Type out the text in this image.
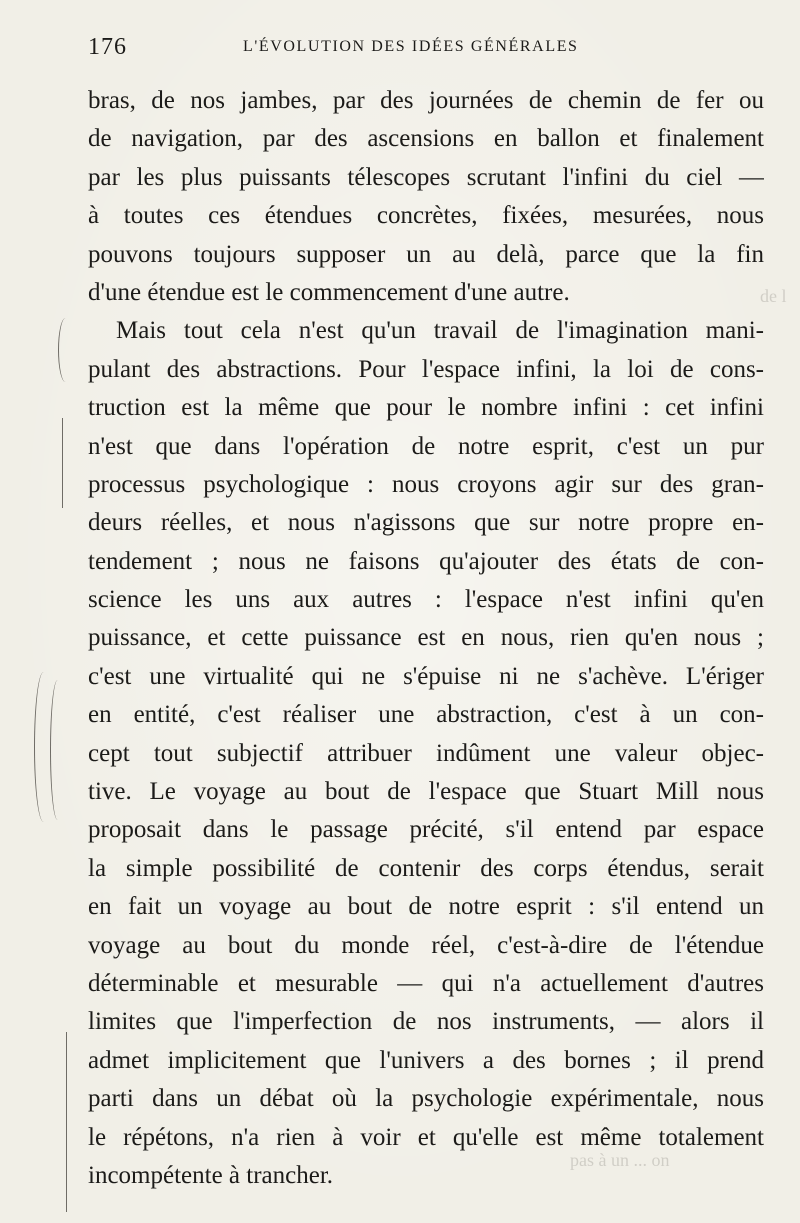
176	L'ÉVOLUTION DES IDÉES GÉNÉRALES
bras, de nos jambes, par des journées de chemin de fer ou
de navigation, par des ascensions en ballon et finalement
par les plus puissants télescopes scrutant l'infini du ciel —
à toutes ces étendues concrètes, fixées, mesurées, nous
pouvons toujours supposer un au delà, parce que la fin
d'une étendue est le commencement d'une autre.
Mais tout cela n'est qu'un travail de l'imagination mani-
pulant des abstractions. Pour l'espace infini, la loi de cons-
truction est la même que pour le nombre infini : cet infini
n'est que dans l'opération de notre esprit, c'est un pur
processus psychologique : nous croyons agir sur des gran-
deurs réelles, et nous n'agissons que sur notre propre en-
tendement ; nous ne faisons qu'ajouter des états de con-
science les uns aux autres : l'espace n'est infini qu'en
puissance, et cette puissance est en nous, rien qu'en nous ;
c'est une virtualité qui ne s'épuise ni ne s'achève. L'ériger
en entité, c'est réaliser une abstraction, c'est à un con-
cept tout subjectif attribuer indûment une valeur objec-
tive. Le voyage au bout de l'espace que Stuart Mill nous
proposait dans le passage précité, s'il entend par espace
la simple possibilité de contenir des corps étendus, serait
en fait un voyage au bout de notre esprit : s'il entend un
voyage au bout du monde réel, c'est-à-dire de l'étendue
déterminable et mesurable — qui n'a actuellement d'autres
limites que l'imperfection de nos instruments, — alors il
admet implicitement que l'univers a des bornes ; il prend
parti dans un débat où la psychologie expérimentale, nous
le répétons, n'a rien à voir et qu'elle est même totalement
incompétente à trancher.
de l
pas à un ... on
